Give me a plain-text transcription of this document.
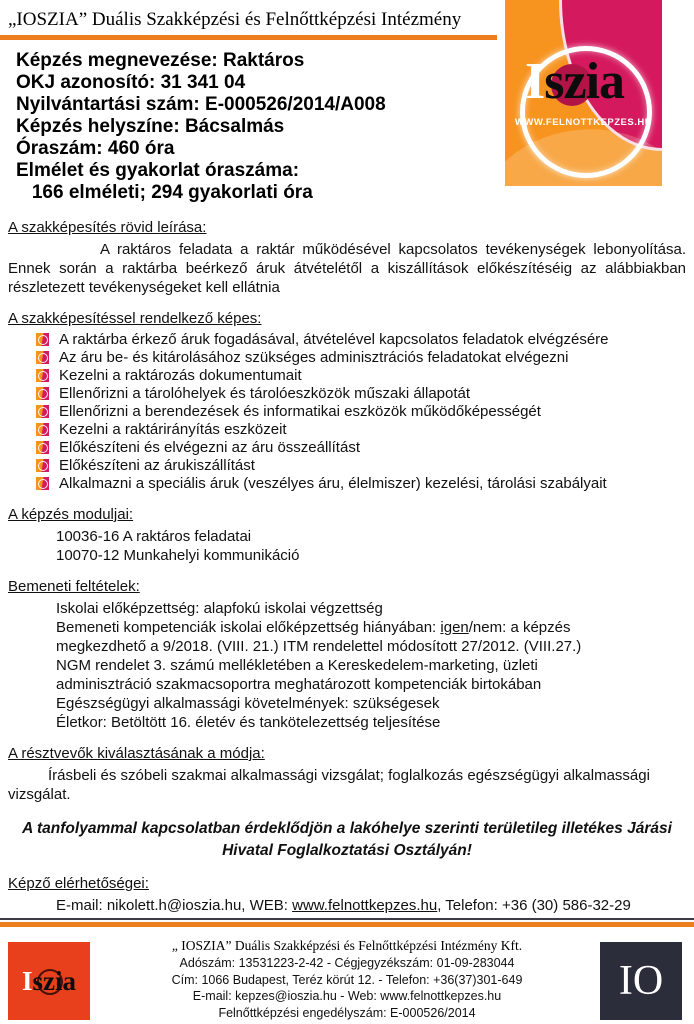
„IOSZIA” Duális Szakképzési és Felnőttképzési Intézmény
Iszia
WWW.FELNOTTKEPZES.HU
Képzés megnevezése: Raktáros
OKJ azonosító: 31 341 04
Nyilvántartási szám: E-000526/2014/A008
Képzés helyszíne: Bácsalmás
Óraszám: 460 óra
Elmélet és gyakorlat óraszáma:
166 elméleti; 294 gyakorlati óra
A szakképesítés rövid leírása:

A raktáros feladata a raktár működésével kapcsolatos tevékenységek lebonyolítása. Ennek során a raktárba beérkező áruk átvételétől a kiszállítások előkészítéséig az alábbiakban részletezett tevékenységeket kell ellátnia

A szakképesítéssel rendelkező képes:
A raktárba érkező áruk fogadásával, átvételével kapcsolatos feladatok elvégzésére
Az áru be- és kitárolásához szükséges adminisztrációs feladatokat elvégezni
Kezelni a raktározás dokumentumait
Ellenőrizni a tárolóhelyek és tárolóeszközök műszaki állapotát
Ellenőrizni a berendezések és informatikai eszközök működőképességét
Kezelni a raktárirányítás eszközeit
Előkészíteni és elvégezni az áru összeállítást
Előkészíteni az árukiszállítást
Alkalmazni a speciális áruk (veszélyes áru, élelmiszer) kezelési, tárolási szabályait
A képzés moduljai:
10036-16 A raktáros feladatai
10070-12 Munkahelyi kommunikáció
Bemeneti feltételek:
Iskolai előképzettség: alapfokú iskolai végzettség
Bemeneti kompetenciák iskolai előképzettség hiányában: igen/nem: a képzés megkezdhető a 9/2018. (VIII. 21.) ITM rendelettel módosított 27/2012. (VIII.27.) NGM rendelet 3. számú mellékletében a Kereskedelem-marketing, üzleti adminisztráció szakmacsoportra meghatározott kompetenciák birtokában
Egészségügyi alkalmassági követelmények: szükségesek
Életkor: Betöltött 16. életév és tankötelezettség teljesítése
A résztvevők kiválasztásának a módja:

Írásbeli és szóbeli szakmai alkalmassági vizsgálat; foglalkozás egészségügyi alkalmassági vizsgálat.

A tanfolyammal kapcsolatban érdeklődjön a lakóhelye szerinti területileg illetékes Járási Hivatal Foglalkoztatási Osztályán!
Képző elérhetőségei:
E-mail: nikolett.h@ioszia.hu, WEB: www.felnottkepzes.hu, Telefon: +36 (30) 586-32-29
I s zia
„ IOSZIA” Duális Szakképzési és Felnőttképzési Intézmény Kft.
Adószám: 13531223-2-42 - Cégjegyzékszám: 01-09-283044
Cím: 1066 Budapest, Teréz körút 12. - Telefon: +36(37)301-649
E-mail: kepzes@ioszia.hu - Web: www.felnottkepzes.hu
Felnőttképzési engedélyszám: E-000526/2014
IO
